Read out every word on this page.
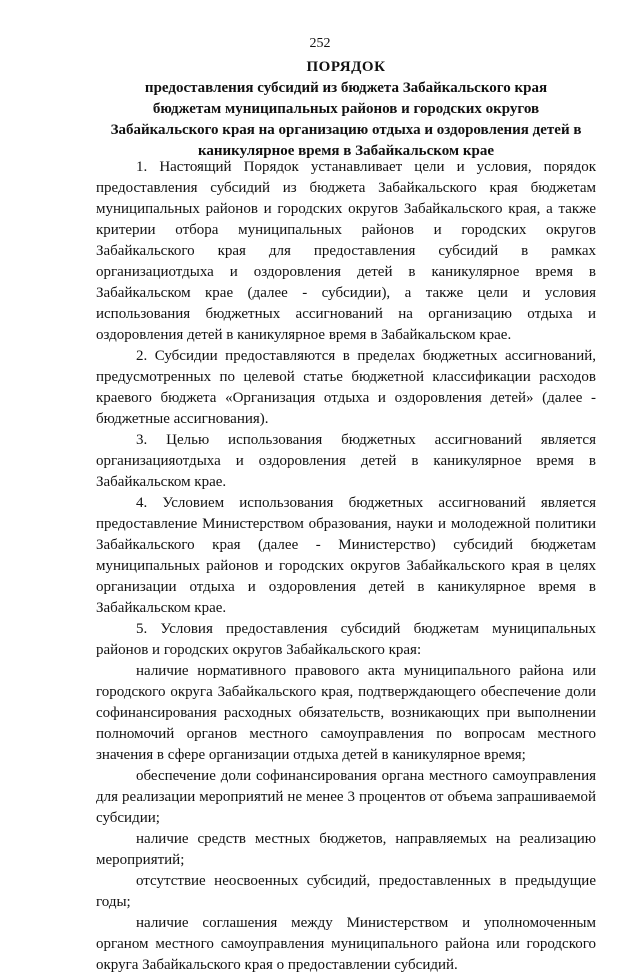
252
ПОРЯДОК
предоставления субсидий из бюджета Забайкальского края
бюджетам муниципальных районов и городских округов
Забайкальского края на организацию отдыха и оздоровления детей в
каникулярное время в Забайкальском крае

1. Настоящий Порядок устанавливает цели и условия, порядок предоставления субсидий из бюджета Забайкальского края бюджетам муниципальных районов и городских округов Забайкальского края, а также критерии отбора муниципальных районов и городских округов Забайкальского края для предоставления субсидий в рамках организациотдыха и оздоровления детей в каникулярное время в Забайкальском крае (далее - субсидии), а также цели и условия использования бюджетных ассигнований на организацию отдыха и оздоровления детей в каникулярное время в Забайкальском крае.

2. Субсидии предоставляются в пределах бюджетных ассигнований, предусмотренных по целевой статье бюджетной классификации расходов краевого бюджета «Организация отдыха и оздоровления детей» (далее - бюджетные ассигнования).

3. Целью использования бюджетных ассигнований является организацияотдыха и оздоровления детей в каникулярное время в Забайкальском крае.

4. Условием использования бюджетных ассигнований является предоставление Министерством образования, науки и молодежной политики Забайкальского края (далее - Министерство) субсидий бюджетам муниципальных районов и городских округов Забайкальского края в целях организации отдыха и оздоровления детей в каникулярное время в Забайкальском крае.

5. Условия предоставления субсидий бюджетам муниципальных районов и городских округов Забайкальского края:

наличие нормативного правового акта муниципального района или городского округа Забайкальского края, подтверждающего обеспечение доли софинансирования расходных обязательств, возникающих при выполнении полномочий органов местного самоуправления по вопросам местного значения в сфере организации отдыха детей в каникулярное время;

обеспечение доли софинансирования органа местного самоуправления для реализации мероприятий не менее 3 процентов от объема запрашиваемой субсидии;

наличие средств местных бюджетов, направляемых на реализацию мероприятий;

отсутствие неосвоенных субсидий, предоставленных в предыдущие годы;

наличие соглашения между Министерством и уполномоченным органом местного самоуправления муниципального района или городского округа Забайкальского края о предоставлении субсидий.
